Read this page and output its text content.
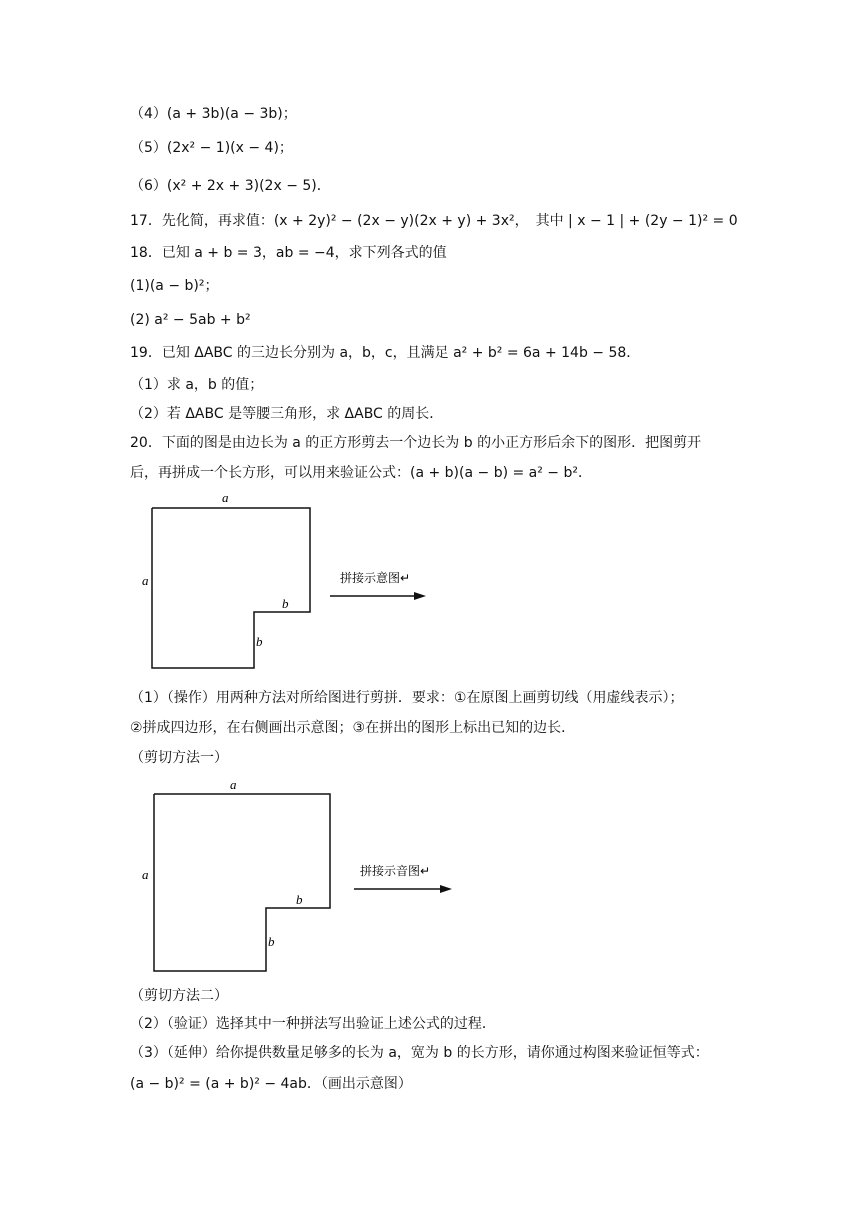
（4）(a + 3b)(a − 3b)；
（5）(2x² − 1)(x − 4)；
（6）(x² + 2x + 3)(2x − 5)．
17．先化简，再求值：(x + 2y)² − (2x − y)(2x + y) + 3x²，　其中 | x − 1 | + (2y − 1)² = 0
18．已知 a + b = 3，ab = −4，求下列各式的值
(1)(a − b)²；
(2) a² − 5ab + b²
19．已知 ΔABC 的三边长分别为 a，b，c，且满足 a² + b² = 6a + 14b − 58．
（1）求 a，b 的值；
（2）若 ΔABC 是等腰三角形，求 ΔABC 的周长．
20．下面的图是由边长为 a 的正方形剪去一个边长为 b 的小正方形后余下的图形．把图剪开
后，再拼成一个长方形，可以用来验证公式：(a + b)(a − b) = a² − b²．
a
a
b
b
拼接示意图↵
（1）（操作）用两种方法对所给图进行剪拼．要求：①在原图上画剪切线（用虚线表示）；
②拼成四边形，在右侧画出示意图；③在拼出的图形上标出已知的边长．
（剪切方法一）
a
a
b
b
拼接示音图↵
（剪切方法二）
（2）（验证）选择其中一种拼法写出验证上述公式的过程．
（3）（延伸）给你提供数量足够多的长为 a，宽为 b 的长方形，请你通过构图来验证恒等式：
(a − b)² = (a + b)² − 4ab．（画出示意图）
